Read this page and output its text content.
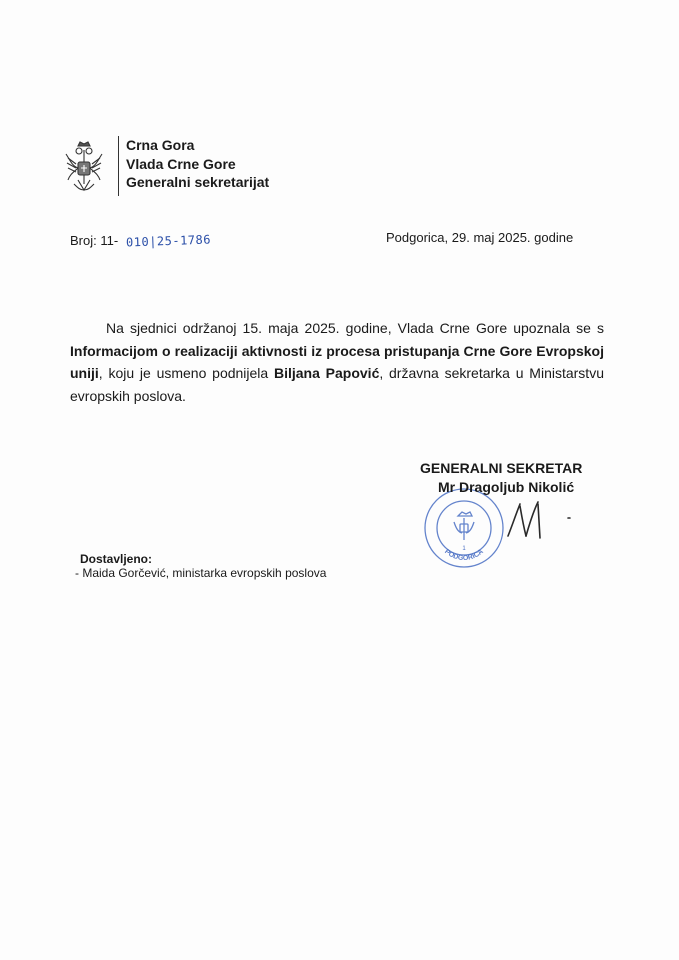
Crna Gora
Vlada Crne Gore
Generalni sekretarijat
Broj: 11- 010|25-1786	Podgorica, 29. maj 2025. godine
Na sjednici održanoj 15. maja 2025. godine, Vlada Crne Gore upoznala se s Informacijom o realizaciji aktivnosti iz procesa pristupanja Crne Gore Evropskoj uniji, koju je usmeno podnijela Biljana Papović, državna sekretarka u Ministarstvu evropskih poslova.
PODGORICA
1
GENERALNI SEKRETAR
Mr Dragoljub Nikolić
Dostavljeno:
- Maida Gorčević, ministarka evropskih poslova
